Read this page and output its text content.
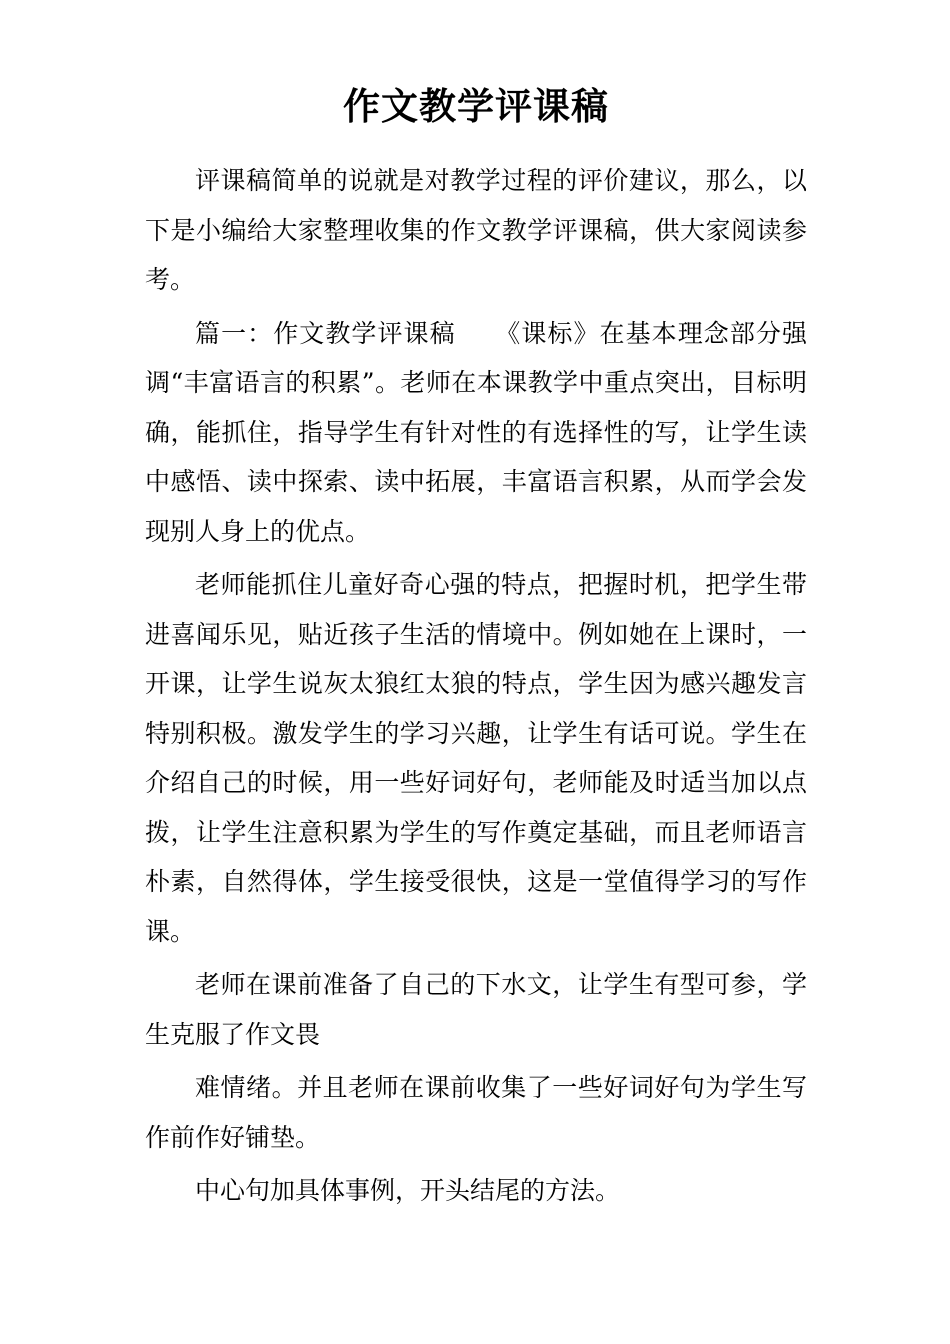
作文教学评课稿

评课稿简单的说就是对教学过程的评价建议，那么，以下是小编给大家整理收集的作文教学评课稿，供大家阅读参考。

篇一：作文教学评课稿　　《课标》在基本理念部分强调“丰富语言的积累”。老师在本课教学中重点突出，目标明确，能抓住，指导学生有针对性的有选择性的写，让学生读中感悟、读中探索、读中拓展，丰富语言积累，从而学会发现别人身上的优点。

老师能抓住儿童好奇心强的特点，把握时机，把学生带进喜闻乐见，贴近孩子生活的情境中。例如她在上课时，一开课，让学生说灰太狼红太狼的特点，学生因为感兴趣发言特别积极。激发学生的学习兴趣，让学生有话可说。学生在介绍自己的时候，用一些好词好句，老师能及时适当加以点拨，让学生注意积累为学生的写作奠定基础，而且老师语言朴素，自然得体，学生接受很快，这是一堂值得学习的写作课。

老师在课前准备了自己的下水文，让学生有型可参，学生克服了作文畏

难情绪。并且老师在课前收集了一些好词好句为学生写作前作好铺垫。

中心句加具体事例，开头结尾的方法。
